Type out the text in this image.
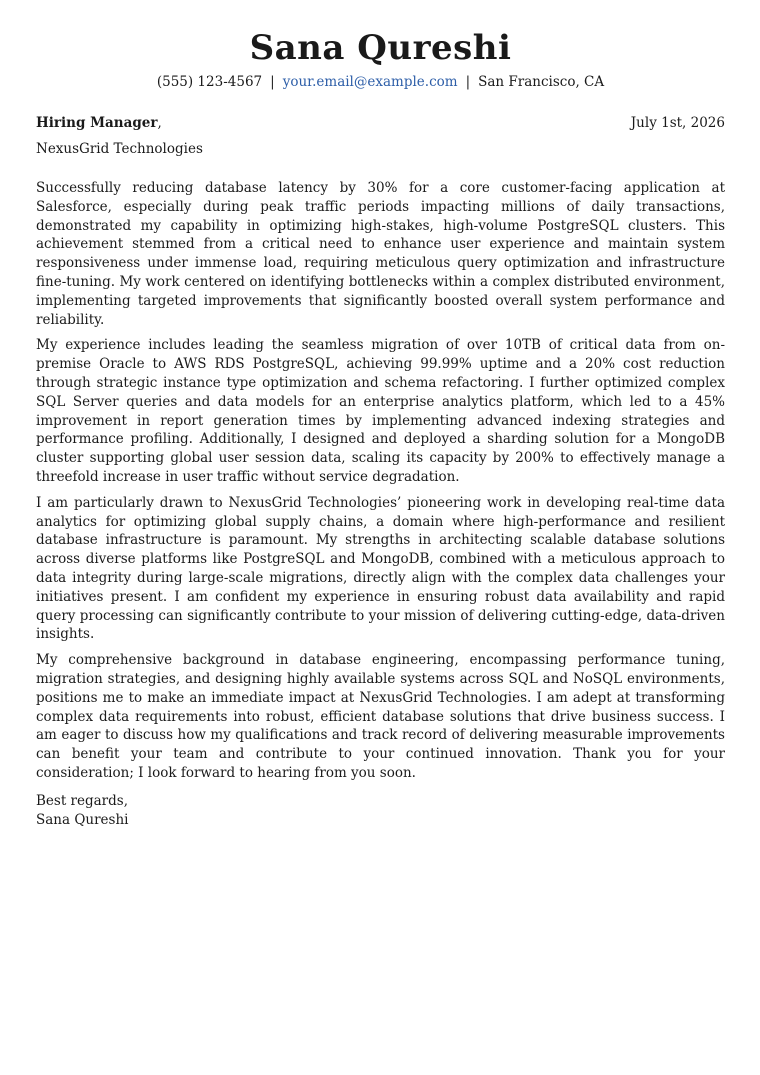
Sana Qureshi
(555) 123-4567 | your.email@example.com | San Francisco, CA
Hiring Manager,	July 1st, 2026
NexusGrid Technologies

Successfully reducing database latency by 30% for a core customer-facing application at Salesforce, especially during peak traffic periods impacting millions of daily transactions, demonstrated my capability in optimizing high-stakes, high-volume PostgreSQL clusters. This achievement stemmed from a critical need to enhance user experience and maintain system responsiveness under immense load, requiring meticulous query optimization and infrastructure fine-tuning. My work centered on identifying bottlenecks within a complex distributed environment, implementing targeted improvements that significantly boosted overall system performance and reliability.

My experience includes leading the seamless migration of over 10TB of critical data from on-premise Oracle to AWS RDS PostgreSQL, achieving 99.99% uptime and a 20% cost reduction through strategic instance type optimization and schema refactoring. I further optimized complex SQL Server queries and data models for an enterprise analytics platform, which led to a 45% improvement in report generation times by implementing advanced indexing strategies and performance profiling. Additionally, I designed and deployed a sharding solution for a MongoDB cluster supporting global user session data, scaling its capacity by 200% to effectively manage a threefold increase in user traffic without service degradation.

I am particularly drawn to NexusGrid Technologies’ pioneering work in developing real-time data analytics for optimizing global supply chains, a domain where high-performance and resilient database infrastructure is paramount. My strengths in architecting scalable database solutions across diverse platforms like PostgreSQL and MongoDB, combined with a meticulous approach to data integrity during large-scale migrations, directly align with the complex data challenges your initiatives present. I am confident my experience in ensuring robust data availability and rapid query processing can significantly contribute to your mission of delivering cutting-edge, data-driven insights.

My comprehensive background in database engineering, encompassing performance tuning, migration strategies, and designing highly available systems across SQL and NoSQL environments, positions me to make an immediate impact at NexusGrid Technologies. I am adept at transforming complex data requirements into robust, efficient database solutions that drive business success. I am eager to discuss how my qualifications and track record of delivering measurable improvements can benefit your team and contribute to your continued innovation. Thank you for your consideration; I look forward to hearing from you soon.

Best regards,
Sana Qureshi
